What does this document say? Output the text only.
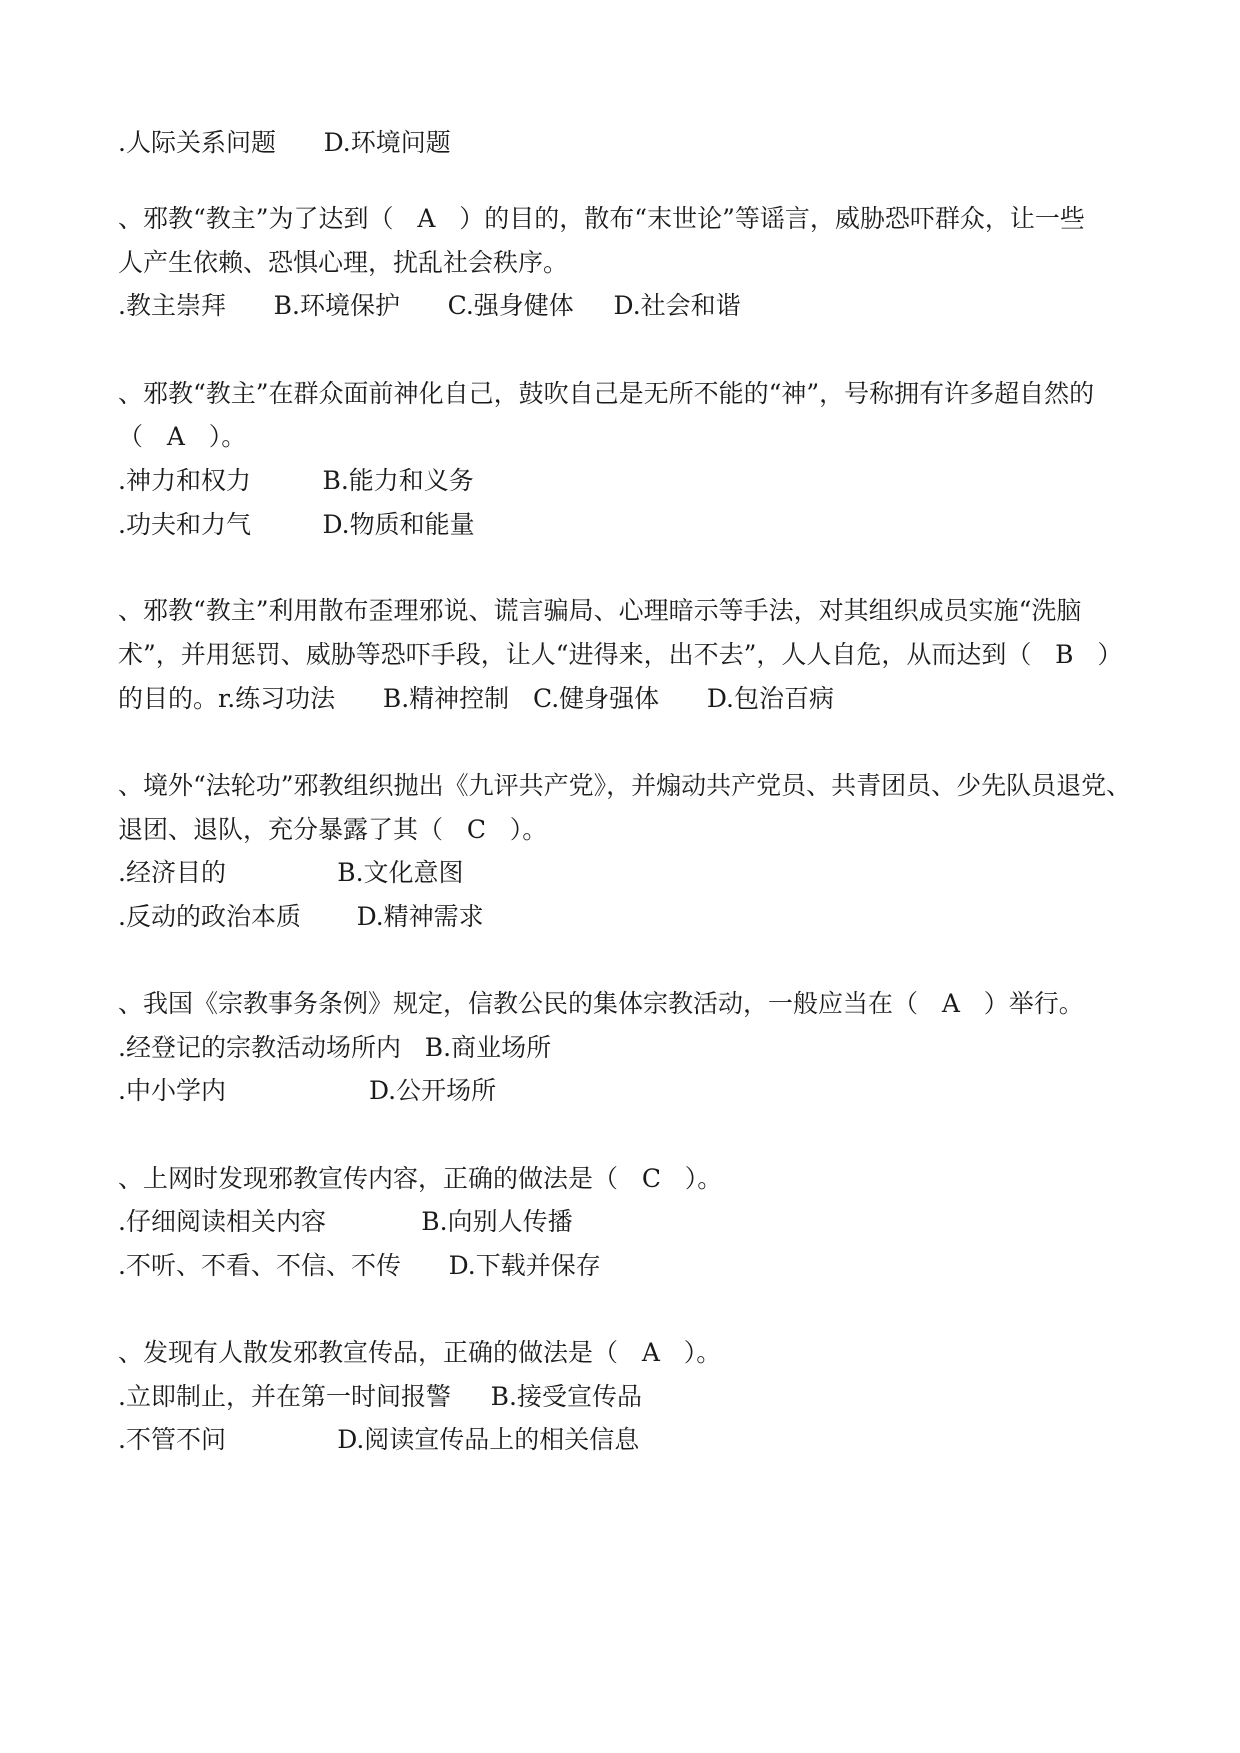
.人际关系问题      D.环境问题
、邪教“教主”为了达到（   A   ）的目的，散布“末世论”等谣言，威胁恐吓群众，让一些
人产生依赖、恐惧心理，扰乱社会秩序。
.教主崇拜      B.环境保护      C.强身健体     D.社会和谐
、邪教“教主”在群众面前神化自己，鼓吹自己是无所不能的“神”，号称拥有许多超自然的
（   A   ）。
.神力和权力         B.能力和义务
.功夫和力气         D.物质和能量
、邪教“教主”利用散布歪理邪说、谎言骗局、心理暗示等手法，对其组织成员实施“洗脑
术”，并用惩罚、威胁等恐吓手段，让人“进得来，出不去”，人人自危，从而达到（   B   ）
的目的。r.练习功法      B.精神控制   C.健身强体      D.包治百病
、境外“法轮功”邪教组织抛出《九评共产党》，并煽动共产党员、共青团员、少先队员退党、
退团、退队，充分暴露了其（   C   ）。
.经济目的              B.文化意图
.反动的政治本质       D.精神需求
、我国《宗教事务条例》规定，信教公民的集体宗教活动，一般应当在（   A   ）举行。
.经登记的宗教活动场所内   B.商业场所
.中小学内                  D.公开场所
、上网时发现邪教宣传内容，正确的做法是（   C   ）。
.仔细阅读相关内容            B.向别人传播
.不听、不看、不信、不传      D.下载并保存
、发现有人散发邪教宣传品，正确的做法是（   A   ）。
.立即制止，并在第一时间报警     B.接受宣传品
.不管不问              D.阅读宣传品上的相关信息
